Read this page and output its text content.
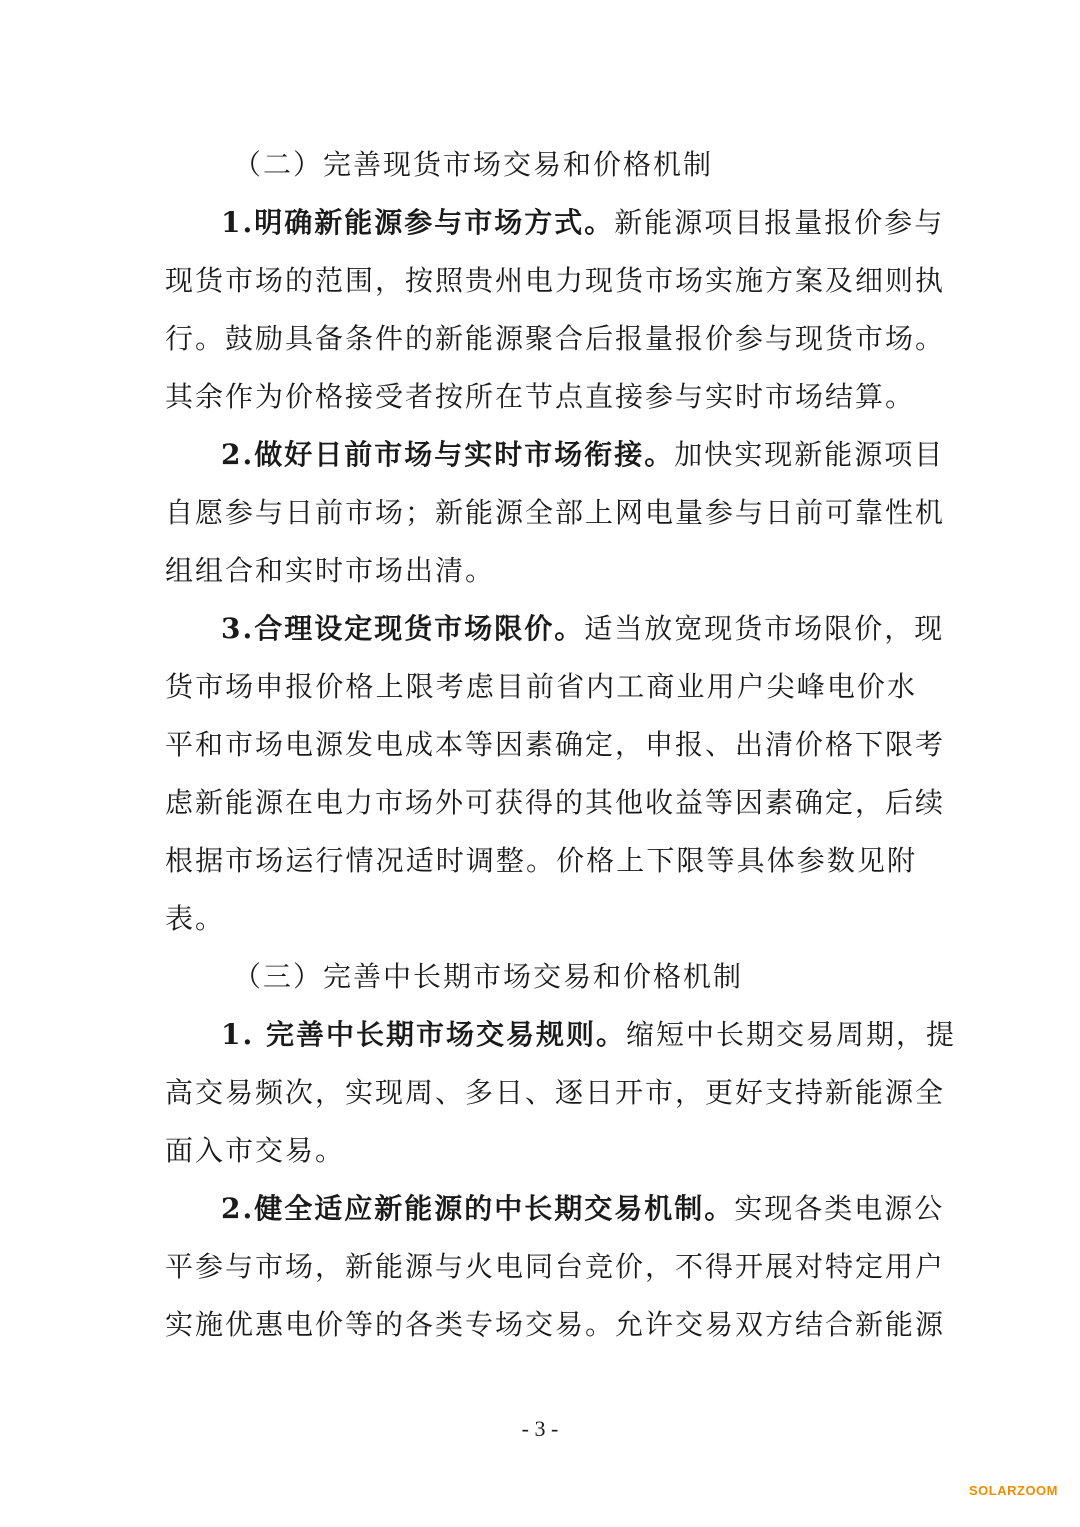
（二）完善现货市场交易和价格机制
1.明确新能源参与市场方式。新能源项目报量报价参与
现货市场的范围，按照贵州电力现货市场实施方案及细则执
行。鼓励具备条件的新能源聚合后报量报价参与现货市场。
其余作为价格接受者按所在节点直接参与实时市场结算。
2.做好日前市场与实时市场衔接。加快实现新能源项目
自愿参与日前市场；新能源全部上网电量参与日前可靠性机
组组合和实时市场出清。
3.合理设定现货市场限价。适当放宽现货市场限价，现
货市场申报价格上限考虑目前省内工商业用户尖峰电价水
平和市场电源发电成本等因素确定，申报、出清价格下限考
虑新能源在电力市场外可获得的其他收益等因素确定，后续
根据市场运行情况适时调整。价格上下限等具体参数见附
表。
（三）完善中长期市场交易和价格机制
1. 完善中长期市场交易规则。缩短中长期交易周期，提
高交易频次，实现周、多日、逐日开市，更好支持新能源全
面入市交易。
2.健全适应新能源的中长期交易机制。实现各类电源公
平参与市场，新能源与火电同台竞价，不得开展对特定用户
实施优惠电价等的各类专场交易。允许交易双方结合新能源
- 3 -
SOLARZOOM
